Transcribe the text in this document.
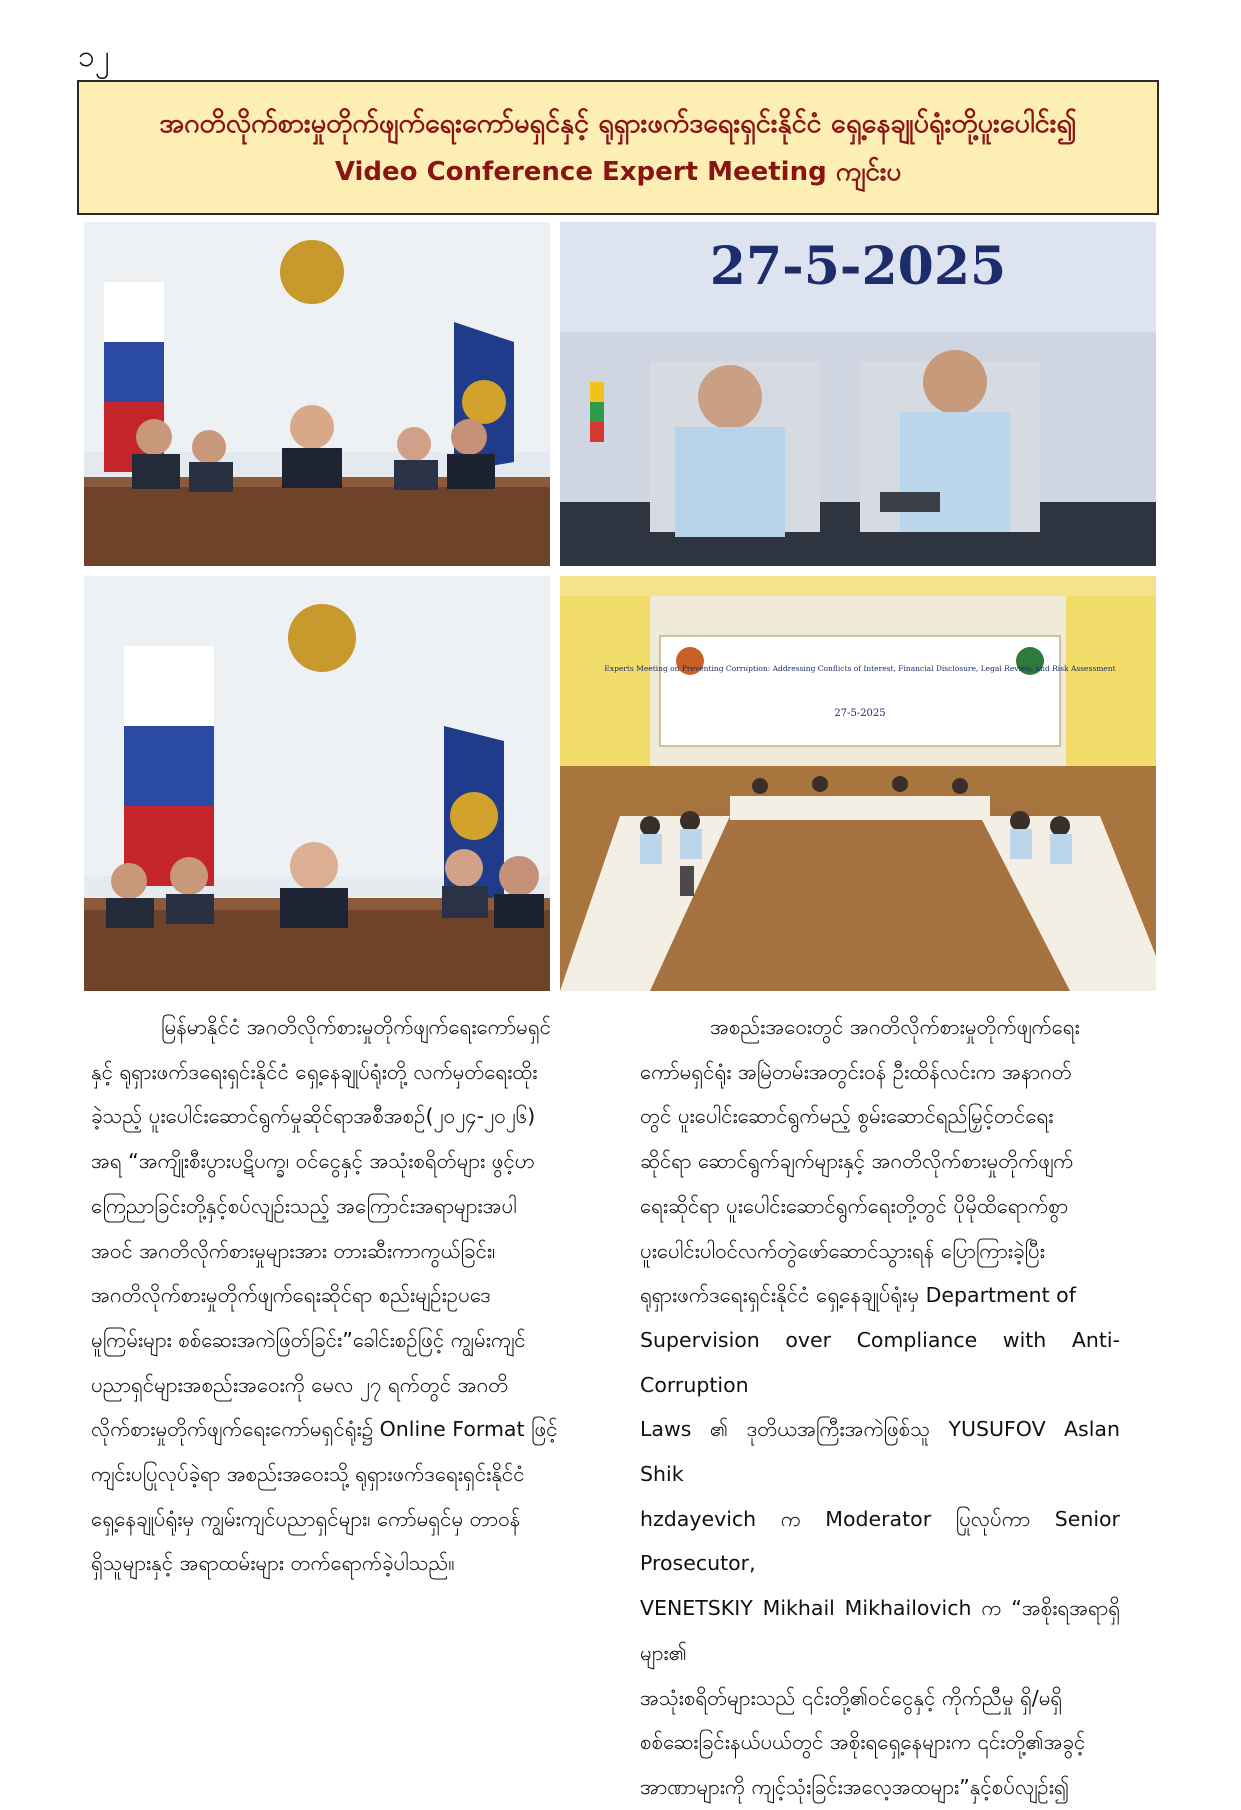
၁၂
အဂတိလိုက်စားမှုတိုက်ဖျက်ရေးကော်မရှင်နှင့် ရုရှားဖက်ဒရေးရှင်းနိုင်ငံ ရှေ့နေချုပ်ရုံးတို့ပူးပေါင်း၍
Video Conference Expert Meeting ကျင်းပ
27-5-2025
Experts Meeting on Preventing Corruption: Addressing Conflicts of Interest, Financial Disclosure, Legal Review, and Risk Assessment
27-5-2025
မြန်မာနိုင်ငံ အဂတိလိုက်စားမှုတိုက်ဖျက်ရေးကော်မရှင်
နှင့် ရုရှားဖက်ဒရေးရှင်းနိုင်ငံ ရှေ့နေချုပ်ရုံးတို့ လက်မှတ်ရေးထိုး
ခဲ့သည့် ပူးပေါင်းဆောင်ရွက်မှုဆိုင်ရာအစီအစဉ်(၂၀၂၄-၂၀၂၆)
အရ “အကျိုးစီးပွားပဋိပက္ခ၊ ဝင်ငွေနှင့် အသုံးစရိတ်များ ဖွင့်ဟ
ကြေညာခြင်းတို့နှင့်စပ်လျဉ်းသည့် အကြောင်းအရာများအပါ
အဝင် အဂတိလိုက်စားမှုများအား တားဆီးကာကွယ်ခြင်း၊
အဂတိလိုက်စားမှုတိုက်ဖျက်ရေးဆိုင်ရာ စည်းမျဉ်းဥပဒေ
မူကြမ်းများ စစ်ဆေးအကဲဖြတ်ခြင်း”ခေါင်းစဉ်ဖြင့် ကျွမ်းကျင်
ပညာရှင်များအစည်းအဝေးကို မေလ ၂၇ ရက်တွင် အဂတိ
လိုက်စားမှုတိုက်ဖျက်ရေးကော်မရှင်ရုံး၌ Online Format ဖြင့်
ကျင်းပပြုလုပ်ခဲ့ရာ အစည်းအဝေးသို့ ရုရှားဖက်ဒရေးရှင်းနိုင်ငံ
ရှေ့နေချုပ်ရုံးမှ ကျွမ်းကျင်ပညာရှင်များ၊ ကော်မရှင်မှ တာဝန်
ရှိသူများနှင့် အရာထမ်းများ တက်ရောက်ခဲ့ပါသည်။
အစည်းအဝေးတွင် အဂတိလိုက်စားမှုတိုက်ဖျက်ရေး
ကော်မရှင်ရုံး အမြဲတမ်းအတွင်းဝန် ဦးထိန်လင်းက အနာဂတ်
တွင် ပူးပေါင်းဆောင်ရွက်မည့် စွမ်းဆောင်ရည်မြှင့်တင်ရေး
ဆိုင်ရာ ဆောင်ရွက်ချက်များနှင့် အဂတိလိုက်စားမှုတိုက်ဖျက်
ရေးဆိုင်ရာ ပူးပေါင်းဆောင်ရွက်ရေးတို့တွင် ပိုမိုထိရောက်စွာ
ပူးပေါင်းပါဝင်လက်တွဲဖော်ဆောင်သွားရန် ပြောကြားခဲ့ပြီး
ရုရှားဖက်ဒရေးရှင်းနိုင်ငံ ရှေ့နေချုပ်ရုံးမှ Department of
Supervision over Compliance with Anti-Corruption
Laws ၏ ဒုတိယအကြီးအကဲဖြစ်သူ YUSUFOV Aslan Shik
hzdayevich က Moderator ပြုလုပ်ကာ Senior Prosecutor,
VENETSKIY Mikhail Mikhailovich က “အစိုးရအရာရှိများ၏
အသုံးစရိတ်များသည် ၎င်းတို့၏ဝင်ငွေနှင့် ကိုက်ညီမှု ရှိ/မရှိ
စစ်ဆေးခြင်းနယ်ပယ်တွင် အစိုးရရှေ့နေများက ၎င်းတို့၏အခွင့်
အာဏာများကို ကျင့်သုံးခြင်းအလေ့အထများ”နှင့်စပ်လျဉ်း၍
